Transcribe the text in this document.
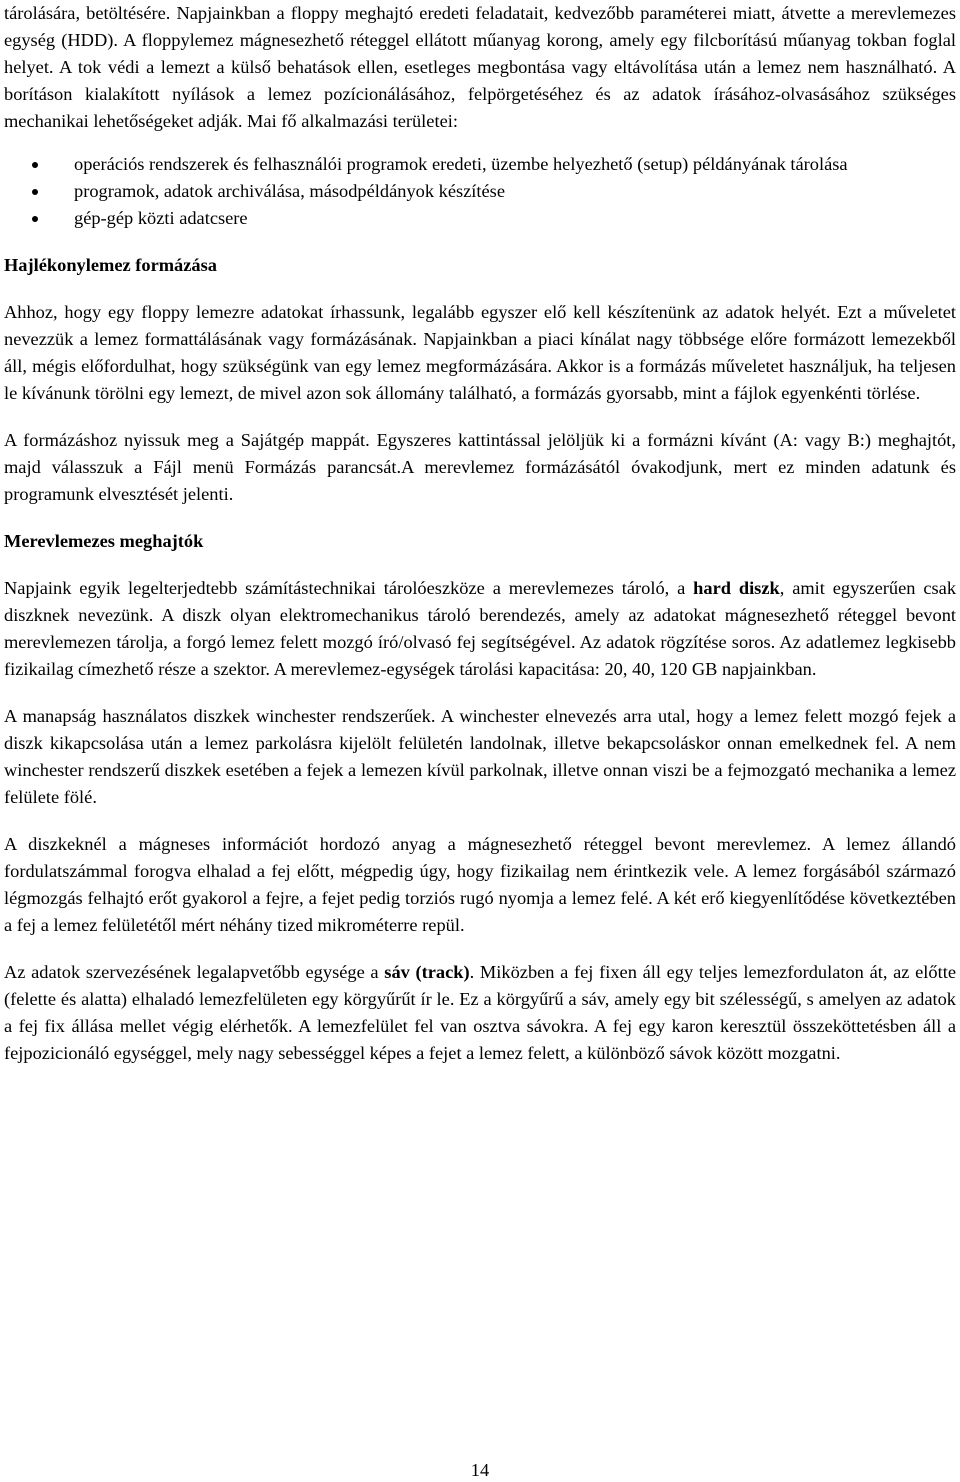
tárolására, betöltésére. Napjainkban a floppy meghajtó eredeti feladatait, kedvezőbb paraméterei miatt, átvette a merevlemezes egység (HDD). A floppylemez mágnesezhető réteggel ellátott műanyag korong, amely egy filcborítású műanyag tokban foglal helyet. A tok védi a lemezt a külső behatások ellen, esetleges megbontása vagy eltávolítása után a lemez nem használható. A borításon kialakított nyílások a lemez pozícionálásához, felpörgetéséhez és az adatok írásához-olvasásához szükséges mechanikai lehetőségeket adják. Mai fő alkalmazási területei:

operációs rendszerek és felhasználói programok eredeti, üzembe helyezhető (setup) példányának tárolása
programok, adatok archiválása, másodpéldányok készítése
gép-gép közti adatcsere
Hajlékonylemez formázása

Ahhoz, hogy egy floppy lemezre adatokat írhassunk, legalább egyszer elő kell készítenünk az adatok helyét. Ezt a műveletet nevezzük a lemez formattálásának vagy formázásának. Napjainkban a piaci kínálat nagy többsége előre formázott lemezekből áll, mégis előfordulhat, hogy szükségünk van egy lemez megformázására. Akkor is a formázás műveletet használjuk, ha teljesen le kívánunk törölni egy lemezt, de mivel azon sok állomány található, a formázás gyorsabb, mint a fájlok egyenkénti törlése.

A formázáshoz nyissuk meg a Sajátgép mappát. Egyszeres kattintással jelöljük ki a formázni kívánt (A: vagy B:) meghajtót, majd válasszuk a Fájl menü Formázás parancsát.A merevlemez formázásától óvakodjunk, mert ez minden adatunk és programunk elvesztését jelenti.

Merevlemezes meghajtók

Napjaink egyik legelterjedtebb számítástechnikai tárolóeszköze a merevlemezes tároló, a hard diszk, amit egyszerűen csak diszknek nevezünk. A diszk olyan elektromechanikus tároló berendezés, amely az adatokat mágnesezhető réteggel bevont merevlemezen tárolja, a forgó lemez felett mozgó író/olvasó fej segítségével. Az adatok rögzítése soros. Az adatlemez legkisebb fizikailag címezhető része a szektor. A merevlemez-egységek tárolási kapacitása: 20, 40, 120 GB napjainkban.

A manapság használatos diszkek winchester rendszerűek. A winchester elnevezés arra utal, hogy a lemez felett mozgó fejek a diszk kikapcsolása után a lemez parkolásra kijelölt felületén landolnak, illetve bekapcsoláskor onnan emelkednek fel. A nem winchester rendszerű diszkek esetében a fejek a lemezen kívül parkolnak, illetve onnan viszi be a fejmozgató mechanika a lemez felülete fölé.

A diszkeknél a mágneses információt hordozó anyag a mágnesezhető réteggel bevont merevlemez. A lemez állandó fordulatszámmal forogva elhalad a fej előtt, mégpedig úgy, hogy fizikailag nem érintkezik vele. A lemez forgásából származó légmozgás felhajtó erőt gyakorol a fejre, a fejet pedig torziós rugó nyomja a lemez felé. A két erő kiegyenlítődése következtében a fej a lemez felületétől mért néhány tized mikrométerre repül.

Az adatok szervezésének legalapvetőbb egysége a sáv (track). Miközben a fej fixen áll egy teljes lemezfordulaton át, az előtte (felette és alatta) elhaladó lemezfelületen egy körgyűrűt ír le. Ez a körgyűrű a sáv, amely egy bit szélességű, s amelyen az adatok a fej fix állása mellet végig elérhetők. A lemezfelület fel van osztva sávokra. A fej egy karon keresztül összeköttetésben áll a fejpozicionáló egységgel, mely nagy sebességgel képes a fejet a lemez felett, a különböző sávok között mozgatni.

14
